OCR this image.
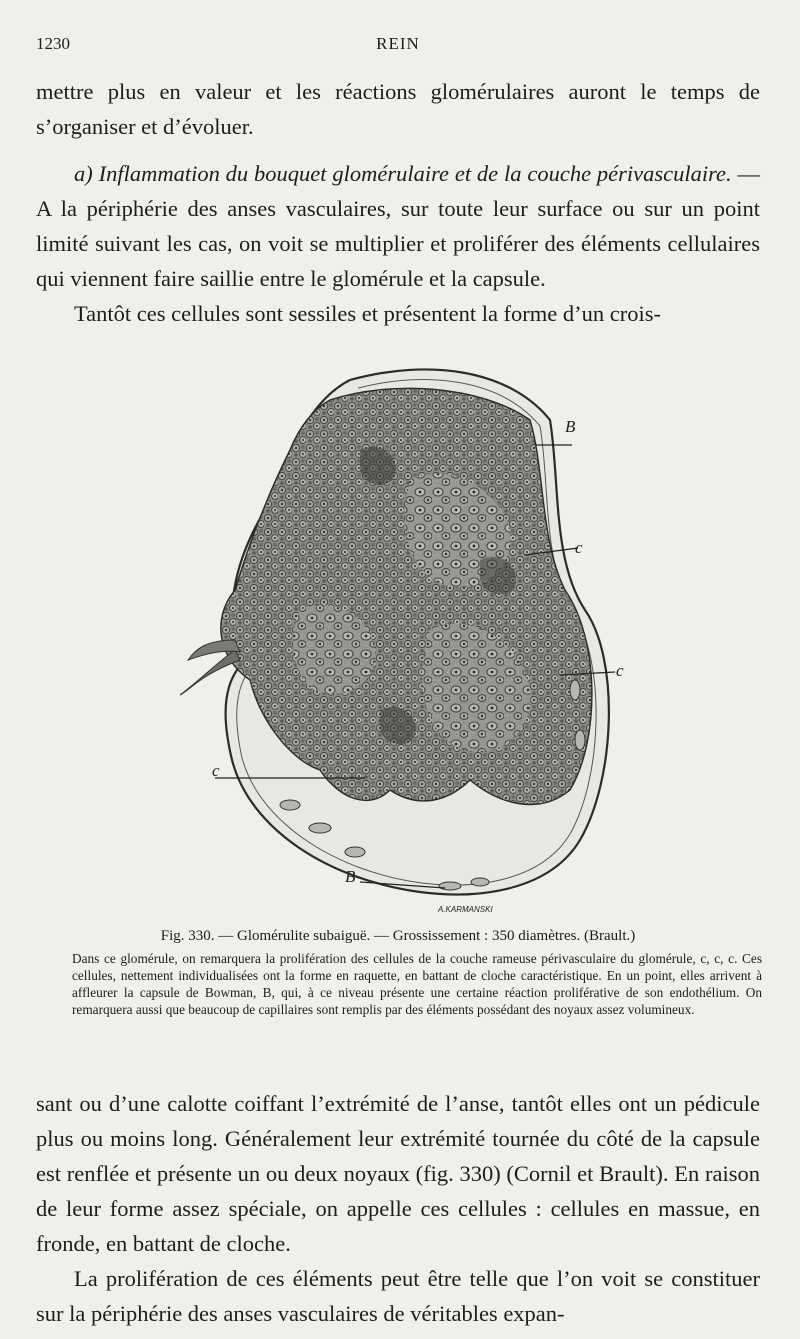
1230	REIN

mettre plus en valeur et les réactions glomérulaires auront le temps de s’organiser et d’évoluer.

a) Inflammation du bouquet glomérulaire et de la couche périvasculaire. — A la périphérie des anses vasculaires, sur toute leur surface ou sur un point limité suivant les cas, on voit se multiplier et proliférer des éléments cellulaires qui viennent faire saillie entre le glomérule et la capsule.

Tantôt ces cellules sont sessiles et présentent la forme d’un crois-

B
c
c
c
B
A.KARMANSKI
Fig. 330. — Glomérulite subaiguë. — Grossissement : 350 diamètres. (Brault.)
Dans ce glomérule, on remarquera la prolifération des cellules de la couche rameuse périvasculaire du glomérule, c, c, c. Ces cellules, nettement individualisées ont la forme en raquette, en battant de cloche caractéristique. En un point, elles arrivent à affleurer la capsule de Bowman, B, qui, à ce niveau présente une certaine réaction proliférative de son endothélium. On remarquera aussi que beaucoup de capillaires sont remplis par des éléments possédant des noyaux assez volumineux.

sant ou d’une calotte coiffant l’extrémité de l’anse, tantôt elles ont un pédicule plus ou moins long. Généralement leur extrémité tournée du côté de la capsule est renflée et présente un ou deux noyaux (fig. 330) (Cornil et Brault). En raison de leur forme assez spéciale, on appelle ces cellules : cellules en massue, en fronde, en battant de cloche.

La prolifération de ces éléments peut être telle que l’on voit se constituer sur la périphérie des anses vasculaires de véritables expan-
